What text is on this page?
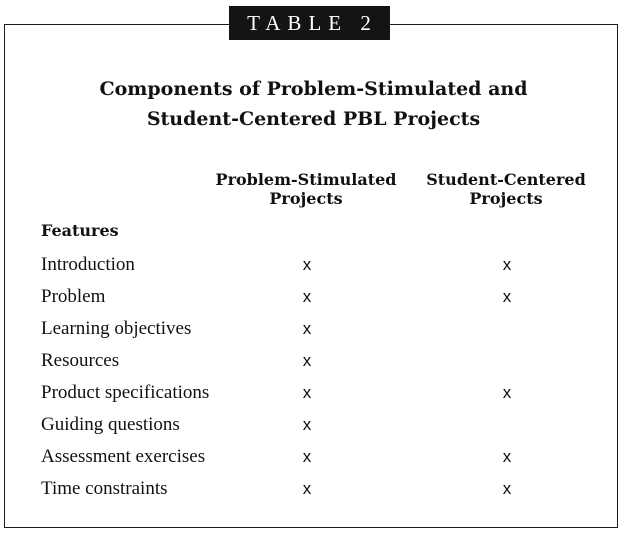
TABLE 2
Components of Problem-Stimulated and
Student-Centered PBL Projects
Problem-Stimulated
Projects
Student-Centered
Projects
Features
Introduction	x	x
Problem	x	x
Learning objectives	x
Resources	x
Product specifications	x	x
Guiding questions	x
Assessment exercises	x	x
Time constraints	x	x
